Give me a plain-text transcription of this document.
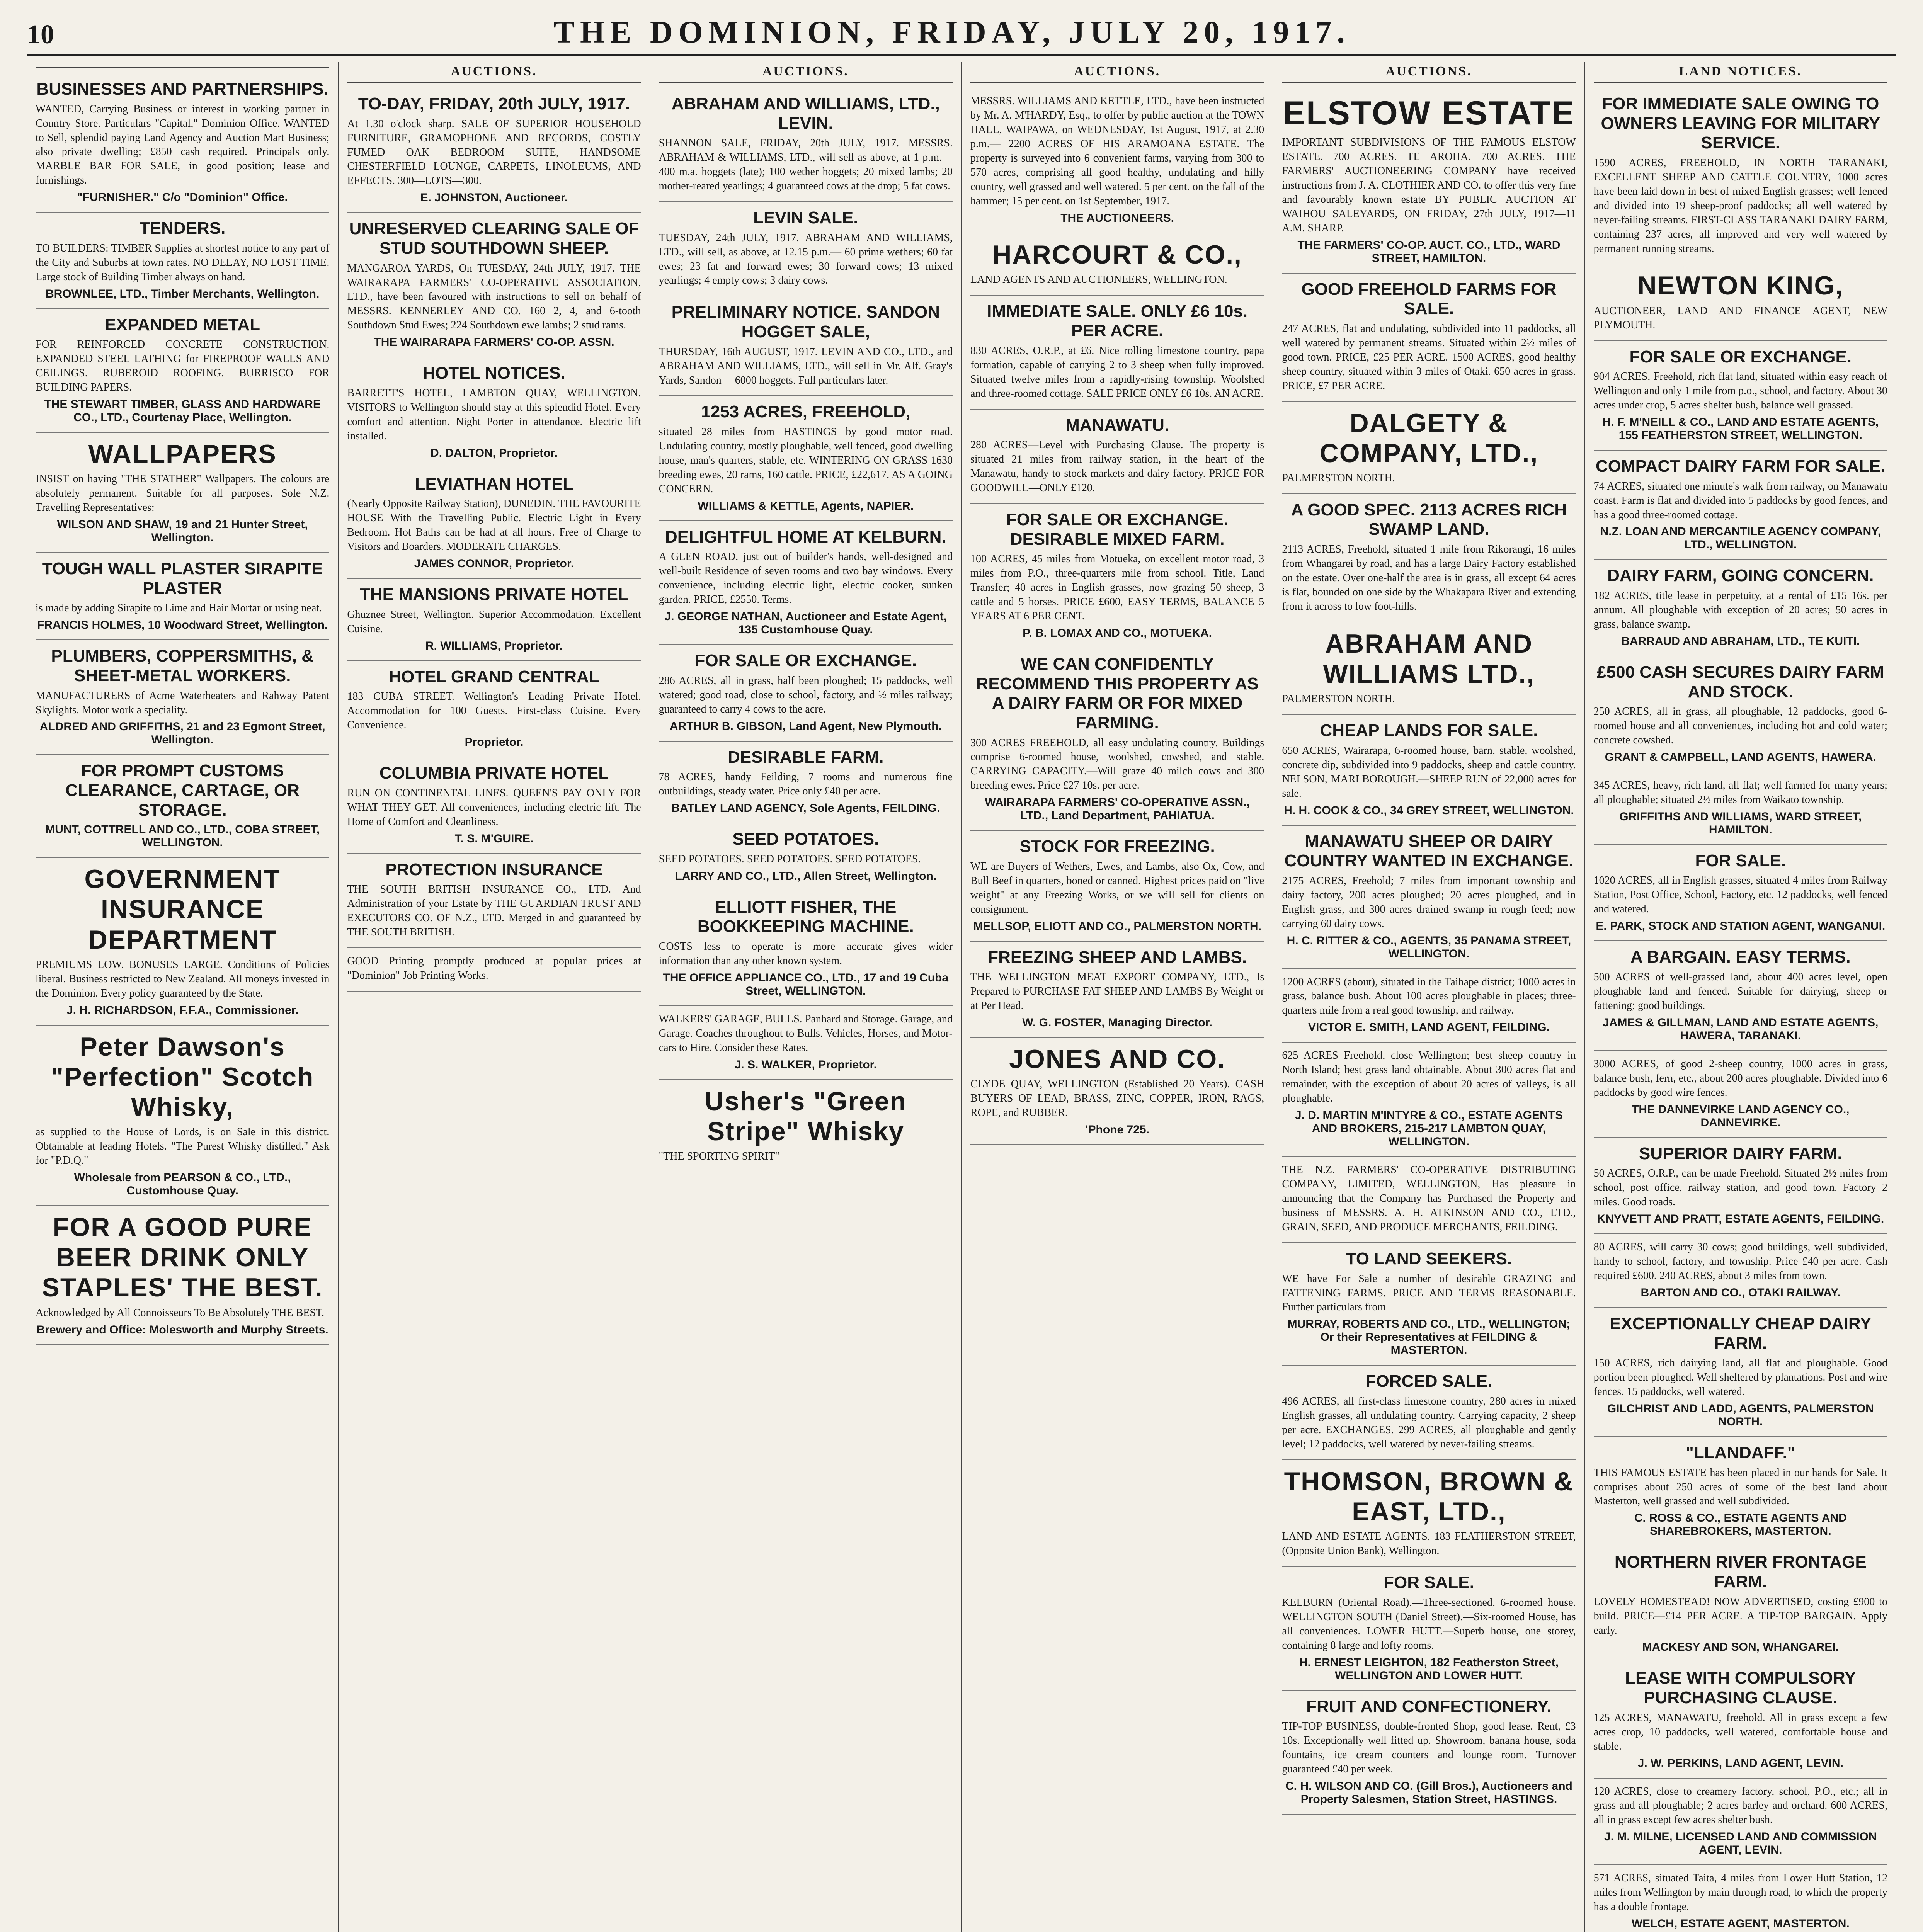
10	THE DOMINION, FRIDAY, JULY 20, 1917.
BUSINESSES AND PARTNERSHIPS.
WANTED, Carrying Business or interest in working partner in Country Store. Particulars "Capital," Dominion Office. WANTED to Sell, splendid paying Land Agency and Auction Mart Business; also private dwelling; £850 cash required. Principals only. MARBLE BAR FOR SALE, in good position; lease and furnishings.
"FURNISHER." C/o "Dominion" Office.
TENDERS.
TO BUILDERS: TIMBER Supplies at shortest notice to any part of the City and Suburbs at town rates. NO DELAY, NO LOST TIME. Large stock of Building Timber always on hand.
BROWNLEE, LTD., Timber Merchants, Wellington.
EXPANDED METAL
FOR REINFORCED CONCRETE CONSTRUCTION. EXPANDED STEEL LATHING for FIREPROOF WALLS AND CEILINGS. RUBEROID ROOFING. BURRISCO FOR BUILDING PAPERS.
THE STEWART TIMBER, GLASS AND HARDWARE CO., LTD., Courtenay Place, Wellington.
WALLPAPERS
INSIST on having "THE STATHER" Wallpapers. The colours are absolutely permanent. Suitable for all purposes. Sole N.Z. Travelling Representatives:
WILSON AND SHAW, 19 and 21 Hunter Street, Wellington.
TOUGH WALL PLASTER SIRAPITE PLASTER
is made by adding Sirapite to Lime and Hair Mortar or using neat.
FRANCIS HOLMES, 10 Woodward Street, Wellington.
PLUMBERS, COPPERSMITHS, & SHEET-METAL WORKERS.
MANUFACTURERS of Acme Waterheaters and Rahway Patent Skylights. Motor work a speciality.
ALDRED AND GRIFFITHS, 21 and 23 Egmont Street, Wellington.
FOR PROMPT CUSTOMS CLEARANCE, CARTAGE, OR STORAGE.
MUNT, COTTRELL AND CO., LTD., COBA STREET, WELLINGTON.
GOVERNMENT INSURANCE DEPARTMENT
PREMIUMS LOW. BONUSES LARGE. Conditions of Policies liberal. Business restricted to New Zealand. All moneys invested in the Dominion. Every policy guaranteed by the State.
J. H. RICHARDSON, F.F.A., Commissioner.
Peter Dawson's "Perfection" Scotch Whisky,
as supplied to the House of Lords, is on Sale in this district. Obtainable at leading Hotels. "The Purest Whisky distilled." Ask for "P.D.Q."
Wholesale from PEARSON & CO., LTD., Customhouse Quay.
FOR A GOOD PURE BEER DRINK ONLY STAPLES' THE BEST.
Acknowledged by All Connoisseurs To Be Absolutely THE BEST.
Brewery and Office: Molesworth and Murphy Streets.
AUCTIONS.
TO-DAY, FRIDAY, 20th JULY, 1917.
At 1.30 o'clock sharp. SALE OF SUPERIOR HOUSEHOLD FURNITURE, GRAMOPHONE AND RECORDS, COSTLY FUMED OAK BEDROOM SUITE, HANDSOME CHESTERFIELD LOUNGE, CARPETS, LINOLEUMS, AND EFFECTS. 300—LOTS—300.
E. JOHNSTON, Auctioneer.
UNRESERVED CLEARING SALE OF STUD SOUTHDOWN SHEEP.
MANGAROA YARDS, On TUESDAY, 24th JULY, 1917. THE WAIRARAPA FARMERS' CO-OPERATIVE ASSOCIATION, LTD., have been favoured with instructions to sell on behalf of MESSRS. KENNERLEY AND CO. 160 2, 4, and 6-tooth Southdown Stud Ewes; 224 Southdown ewe lambs; 2 stud rams.
THE WAIRARAPA FARMERS' CO-OP. ASSN.
HOTEL NOTICES.
BARRETT'S HOTEL, LAMBTON QUAY, WELLINGTON. VISITORS to Wellington should stay at this splendid Hotel. Every comfort and attention. Night Porter in attendance. Electric lift installed.
D. DALTON, Proprietor.
LEVIATHAN HOTEL
(Nearly Opposite Railway Station), DUNEDIN. THE FAVOURITE HOUSE With the Travelling Public. Electric Light in Every Bedroom. Hot Baths can be had at all hours. Free of Charge to Visitors and Boarders. MODERATE CHARGES.
JAMES CONNOR, Proprietor.
THE MANSIONS PRIVATE HOTEL
Ghuznee Street, Wellington. Superior Accommodation. Excellent Cuisine.
R. WILLIAMS, Proprietor.
HOTEL GRAND CENTRAL
183 CUBA STREET. Wellington's Leading Private Hotel. Accommodation for 100 Guests. First-class Cuisine. Every Convenience.
Proprietor.
COLUMBIA PRIVATE HOTEL
RUN ON CONTINENTAL LINES. QUEEN'S PAY ONLY FOR WHAT THEY GET. All conveniences, including electric lift. The Home of Comfort and Cleanliness.
T. S. M'GUIRE.
PROTECTION INSURANCE
THE SOUTH BRITISH INSURANCE CO., LTD. And Administration of your Estate by THE GUARDIAN TRUST AND EXECUTORS CO. OF N.Z., LTD. Merged in and guaranteed by THE SOUTH BRITISH.
GOOD Printing promptly produced at popular prices at "Dominion" Job Printing Works.
AUCTIONS.
ABRAHAM AND WILLIAMS, LTD., LEVIN.
SHANNON SALE, FRIDAY, 20th JULY, 1917. MESSRS. ABRAHAM & WILLIAMS, LTD., will sell as above, at 1 p.m.— 400 m.a. hoggets (late); 100 wether hoggets; 20 mixed lambs; 20 mother-reared yearlings; 4 guaranteed cows at the drop; 5 fat cows.
LEVIN SALE.
TUESDAY, 24th JULY, 1917. ABRAHAM AND WILLIAMS, LTD., will sell, as above, at 12.15 p.m.— 60 prime wethers; 60 fat ewes; 23 fat and forward ewes; 30 forward cows; 13 mixed yearlings; 4 empty cows; 3 dairy cows.
PRELIMINARY NOTICE. SANDON HOGGET SALE,
THURSDAY, 16th AUGUST, 1917. LEVIN AND CO., LTD., and ABRAHAM AND WILLIAMS, LTD., will sell in Mr. Alf. Gray's Yards, Sandon— 6000 hoggets. Full particulars later.
1253 ACRES, FREEHOLD,
situated 28 miles from HASTINGS by good motor road. Undulating country, mostly ploughable, well fenced, good dwelling house, man's quarters, stable, etc. WINTERING ON GRASS 1630 breeding ewes, 20 rams, 160 cattle. PRICE, £22,617. AS A GOING CONCERN.
WILLIAMS & KETTLE, Agents, NAPIER.
DELIGHTFUL HOME AT KELBURN.
A GLEN ROAD, just out of builder's hands, well-designed and well-built Residence of seven rooms and two bay windows. Every convenience, including electric light, electric cooker, sunken garden. PRICE, £2550. Terms.
J. GEORGE NATHAN, Auctioneer and Estate Agent, 135 Customhouse Quay.
FOR SALE OR EXCHANGE.
286 ACRES, all in grass, half been ploughed; 15 paddocks, well watered; good road, close to school, factory, and ½ miles railway; guaranteed to carry 4 cows to the acre.
ARTHUR B. GIBSON, Land Agent, New Plymouth.
DESIRABLE FARM.
78 ACRES, handy Feilding, 7 rooms and numerous fine outbuildings, steady water. Price only £40 per acre.
BATLEY LAND AGENCY, Sole Agents, FEILDING.
SEED POTATOES.
SEED POTATOES. SEED POTATOES. SEED POTATOES.
LARRY AND CO., LTD., Allen Street, Wellington.
ELLIOTT FISHER, THE BOOKKEEPING MACHINE.
COSTS less to operate—is more accurate—gives wider information than any other known system.
THE OFFICE APPLIANCE CO., LTD., 17 and 19 Cuba Street, WELLINGTON.
WALKERS' GARAGE, BULLS. Panhard and Storage. Garage, and Garage. Coaches throughout to Bulls. Vehicles, Horses, and Motor-cars to Hire. Consider these Rates.
J. S. WALKER, Proprietor.
Usher's "Green Stripe" Whisky
"THE SPORTING SPIRIT"
AUCTIONS.
MESSRS. WILLIAMS AND KETTLE, LTD., have been instructed by Mr. A. M'HARDY, Esq., to offer by public auction at the TOWN HALL, WAIPAWA, on WEDNESDAY, 1st August, 1917, at 2.30 p.m.— 2200 ACRES OF HIS ARAMOANA ESTATE. The property is surveyed into 6 convenient farms, varying from 300 to 570 acres, comprising all good healthy, undulating and hilly country, well grassed and well watered. 5 per cent. on the fall of the hammer; 15 per cent. on 1st September, 1917.
THE AUCTIONEERS.
HARCOURT & CO.,
LAND AGENTS AND AUCTIONEERS, WELLINGTON.
IMMEDIATE SALE. ONLY £6 10s. PER ACRE.
830 ACRES, O.R.P., at £6. Nice rolling limestone country, papa formation, capable of carrying 2 to 3 sheep when fully improved. Situated twelve miles from a rapidly-rising township. Woolshed and three-roomed cottage. SALE PRICE ONLY £6 10s. AN ACRE.
MANAWATU.
280 ACRES—Level with Purchasing Clause. The property is situated 21 miles from railway station, in the heart of the Manawatu, handy to stock markets and dairy factory. PRICE FOR GOODWILL—ONLY £120.
FOR SALE OR EXCHANGE. DESIRABLE MIXED FARM.
100 ACRES, 45 miles from Motueka, on excellent motor road, 3 miles from P.O., three-quarters mile from school. Title, Land Transfer; 40 acres in English grasses, now grazing 50 sheep, 3 cattle and 5 horses. PRICE £600, EASY TERMS, BALANCE 5 YEARS AT 6 PER CENT.
P. B. LOMAX AND CO., MOTUEKA.
WE CAN CONFIDENTLY RECOMMEND THIS PROPERTY AS A DAIRY FARM OR FOR MIXED FARMING.
300 ACRES FREEHOLD, all easy undulating country. Buildings comprise 6-roomed house, woolshed, cowshed, and stable. CARRYING CAPACITY.—Will graze 40 milch cows and 300 breeding ewes. Price £27 10s. per acre.
WAIRARAPA FARMERS' CO-OPERATIVE ASSN., LTD., Land Department, PAHIATUA.
STOCK FOR FREEZING.
WE are Buyers of Wethers, Ewes, and Lambs, also Ox, Cow, and Bull Beef in quarters, boned or canned. Highest prices paid on "live weight" at any Freezing Works, or we will sell for clients on consignment.
MELLSOP, ELIOTT AND CO., PALMERSTON NORTH.
FREEZING SHEEP AND LAMBS.
THE WELLINGTON MEAT EXPORT COMPANY, LTD., Is Prepared to PURCHASE FAT SHEEP AND LAMBS By Weight or at Per Head.
W. G. FOSTER, Managing Director.
JONES AND CO.
CLYDE QUAY, WELLINGTON (Established 20 Years). CASH BUYERS OF LEAD, BRASS, ZINC, COPPER, IRON, RAGS, ROPE, and RUBBER.
'Phone 725.
AUCTIONS.
ELSTOW ESTATE
IMPORTANT SUBDIVISIONS OF THE FAMOUS ELSTOW ESTATE. 700 ACRES. TE AROHA. 700 ACRES. THE FARMERS' AUCTIONEERING COMPANY have received instructions from J. A. CLOTHIER AND CO. to offer this very fine and favourably known estate BY PUBLIC AUCTION AT WAIHOU SALEYARDS, ON FRIDAY, 27th JULY, 1917—11 A.M. SHARP.
THE FARMERS' CO-OP. AUCT. CO., LTD., WARD STREET, HAMILTON.
GOOD FREEHOLD FARMS FOR SALE.
247 ACRES, flat and undulating, subdivided into 11 paddocks, all well watered by permanent streams. Situated within 2½ miles of good town. PRICE, £25 PER ACRE. 1500 ACRES, good healthy sheep country, situated within 3 miles of Otaki. 650 acres in grass. PRICE, £7 PER ACRE.
DALGETY & COMPANY, LTD.,
PALMERSTON NORTH.
A GOOD SPEC. 2113 ACRES RICH SWAMP LAND.
2113 ACRES, Freehold, situated 1 mile from Rikorangi, 16 miles from Whangarei by road, and has a large Dairy Factory established on the estate. Over one-half the area is in grass, all except 64 acres is flat, bounded on one side by the Whakapara River and extending from it across to low foot-hills.
ABRAHAM AND WILLIAMS LTD.,
PALMERSTON NORTH.
CHEAP LANDS FOR SALE.
650 ACRES, Wairarapa, 6-roomed house, barn, stable, woolshed, concrete dip, subdivided into 9 paddocks, sheep and cattle country. NELSON, MARLBOROUGH.—SHEEP RUN of 22,000 acres for sale.
H. H. COOK & CO., 34 GREY STREET, WELLINGTON.
MANAWATU SHEEP OR DAIRY COUNTRY WANTED IN EXCHANGE.
2175 ACRES, Freehold; 7 miles from important township and dairy factory, 200 acres ploughed; 20 acres ploughed, and in English grass, and 300 acres drained swamp in rough feed; now carrying 60 dairy cows.
H. C. RITTER & CO., AGENTS, 35 PANAMA STREET, WELLINGTON.
1200 ACRES (about), situated in the Taihape district; 1000 acres in grass, balance bush. About 100 acres ploughable in places; three-quarters mile from a real good township, and railway.
VICTOR E. SMITH, LAND AGENT, FEILDING.
625 ACRES Freehold, close Wellington; best sheep country in North Island; best grass land obtainable. About 300 acres flat and remainder, with the exception of about 20 acres of valleys, is all ploughable.
J. D. MARTIN M'INTYRE & CO., ESTATE AGENTS AND BROKERS, 215-217 LAMBTON QUAY, WELLINGTON.
THE N.Z. FARMERS' CO-OPERATIVE DISTRIBUTING COMPANY, LIMITED, WELLINGTON, Has pleasure in announcing that the Company has Purchased the Property and business of MESSRS. A. H. ATKINSON AND CO., LTD., GRAIN, SEED, AND PRODUCE MERCHANTS, FEILDING.
TO LAND SEEKERS.
WE have For Sale a number of desirable GRAZING and FATTENING FARMS. PRICE AND TERMS REASONABLE. Further particulars from
MURRAY, ROBERTS AND CO., LTD., WELLINGTON; Or their Representatives at FEILDING & MASTERTON.
FORCED SALE.
496 ACRES, all first-class limestone country, 280 acres in mixed English grasses, all undulating country. Carrying capacity, 2 sheep per acre. EXCHANGES. 299 ACRES, all ploughable and gently level; 12 paddocks, well watered by never-failing streams.
THOMSON, BROWN & EAST, LTD.,
LAND AND ESTATE AGENTS, 183 FEATHERSTON STREET, (Opposite Union Bank), Wellington.
FOR SALE.
KELBURN (Oriental Road).—Three-sectioned, 6-roomed house. WELLINGTON SOUTH (Daniel Street).—Six-roomed House, has all conveniences. LOWER HUTT.—Superb house, one storey, containing 8 large and lofty rooms.
H. ERNEST LEIGHTON, 182 Featherston Street, WELLINGTON AND LOWER HUTT.
FRUIT AND CONFECTIONERY.
TIP-TOP BUSINESS, double-fronted Shop, good lease. Rent, £3 10s. Exceptionally well fitted up. Showroom, banana house, soda fountains, ice cream counters and lounge room. Turnover guaranteed £40 per week.
C. H. WILSON AND CO. (Gill Bros.), Auctioneers and Property Salesmen, Station Street, HASTINGS.
LAND NOTICES.
FOR IMMEDIATE SALE OWING TO OWNERS LEAVING FOR MILITARY SERVICE.
1590 ACRES, FREEHOLD, IN NORTH TARANAKI, EXCELLENT SHEEP AND CATTLE COUNTRY, 1000 acres have been laid down in best of mixed English grasses; well fenced and divided into 19 sheep-proof paddocks; all well watered by never-failing streams. FIRST-CLASS TARANAKI DAIRY FARM, containing 237 acres, all improved and very well watered by permanent running streams.
NEWTON KING,
AUCTIONEER, LAND AND FINANCE AGENT, NEW PLYMOUTH.
FOR SALE OR EXCHANGE.
904 ACRES, Freehold, rich flat land, situated within easy reach of Wellington and only 1 mile from p.o., school, and factory. About 30 acres under crop, 5 acres shelter bush, balance well grassed.
H. F. M'NEILL & CO., LAND AND ESTATE AGENTS, 155 FEATHERSTON STREET, WELLINGTON.
COMPACT DAIRY FARM FOR SALE.
74 ACRES, situated one minute's walk from railway, on Manawatu coast. Farm is flat and divided into 5 paddocks by good fences, and has a good three-roomed cottage.
N.Z. LOAN AND MERCANTILE AGENCY COMPANY, LTD., WELLINGTON.
DAIRY FARM, GOING CONCERN.
182 ACRES, title lease in perpetuity, at a rental of £15 16s. per annum. All ploughable with exception of 20 acres; 50 acres in grass, balance swamp.
BARRAUD AND ABRAHAM, LTD., TE KUITI.
£500 CASH SECURES DAIRY FARM AND STOCK.
250 ACRES, all in grass, all ploughable, 12 paddocks, good 6-roomed house and all conveniences, including hot and cold water; concrete cowshed.
GRANT & CAMPBELL, LAND AGENTS, HAWERA.
345 ACRES, heavy, rich land, all flat; well farmed for many years; all ploughable; situated 2½ miles from Waikato township.
GRIFFITHS AND WILLIAMS, WARD STREET, HAMILTON.
FOR SALE.
1020 ACRES, all in English grasses, situated 4 miles from Railway Station, Post Office, School, Factory, etc. 12 paddocks, well fenced and watered.
E. PARK, STOCK AND STATION AGENT, WANGANUI.
A BARGAIN. EASY TERMS.
500 ACRES of well-grassed land, about 400 acres level, open ploughable land and fenced. Suitable for dairying, sheep or fattening; good buildings.
JAMES & GILLMAN, LAND AND ESTATE AGENTS, HAWERA, TARANAKI.
3000 ACRES, of good 2-sheep country, 1000 acres in grass, balance bush, fern, etc., about 200 acres ploughable. Divided into 6 paddocks by good wire fences.
THE DANNEVIRKE LAND AGENCY CO., DANNEVIRKE.
SUPERIOR DAIRY FARM.
50 ACRES, O.R.P., can be made Freehold. Situated 2½ miles from school, post office, railway station, and good town. Factory 2 miles. Good roads.
KNYVETT AND PRATT, ESTATE AGENTS, FEILDING.
80 ACRES, will carry 30 cows; good buildings, well subdivided, handy to school, factory, and township. Price £40 per acre. Cash required £600. 240 ACRES, about 3 miles from town.
BARTON AND CO., OTAKI RAILWAY.
EXCEPTIONALLY CHEAP DAIRY FARM.
150 ACRES, rich dairying land, all flat and ploughable. Good portion been ploughed. Well sheltered by plantations. Post and wire fences. 15 paddocks, well watered.
GILCHRIST AND LADD, AGENTS, PALMERSTON NORTH.
"LLANDAFF."
THIS FAMOUS ESTATE has been placed in our hands for Sale. It comprises about 250 acres of some of the best land about Masterton, well grassed and well subdivided.
C. ROSS & CO., ESTATE AGENTS AND SHAREBROKERS, MASTERTON.
NORTHERN RIVER FRONTAGE FARM.
LOVELY HOMESTEAD! NOW ADVERTISED, costing £900 to build. PRICE—£14 PER ACRE. A TIP-TOP BARGAIN. Apply early.
MACKESY AND SON, WHANGAREI.
LEASE WITH COMPULSORY PURCHASING CLAUSE.
125 ACRES, MANAWATU, freehold. All in grass except a few acres crop, 10 paddocks, well watered, comfortable house and stable.
J. W. PERKINS, LAND AGENT, LEVIN.
120 ACRES, close to creamery factory, school, P.O., etc.; all in grass and all ploughable; 2 acres barley and orchard. 600 ACRES, all in grass except few acres shelter bush.
J. M. MILNE, LICENSED LAND AND COMMISSION AGENT, LEVIN.
571 ACRES, situated Taita, 4 miles from Lower Hutt Station, 12 miles from Wellington by main through road, to which the property has a double frontage.
WELCH, ESTATE AGENT, MASTERTON.
